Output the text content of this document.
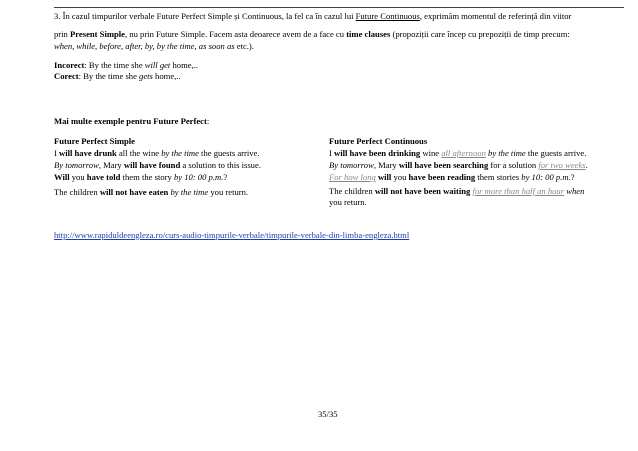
3. În cazul timpurilor verbale Future Perfect Simple și Continuous, la fel ca în cazul lui Future Continuous, exprimăm momentul de referință din viitor
prin Present Simple, nu prin Future Simple. Facem asta deoarece avem de a face cu time clauses (propoziții care încep cu prepoziții de timp precum:
when, while, before, after, by, by the time, as soon as etc.).
Incorect: By the time she will get home,..
Corect: By the time she gets home,..
Mai multe exemple pentru Future Perfect:
Future Perfect Simple
I will have drunk all the wine by the time the guests arrive.
By tomorrow, Mary will have found a solution to this issue.
Will you have told them the story by 10: 00 p.m.?
The children will not have eaten by the time you return.
Future Perfect Continuous
I will have been drinking wine all afternoon by the time the guests arrive.
By tomorrow, Mary will have been searching for a solution for two weeks.
For how long will you have been reading them stories by 10: 00 p.m.?
The children will not have been waiting for more than half an hour when
you return.
http://www.rapiduldeengleza.ro/curs-audio-timpurile-verbale/timpurile-verbale-din-limba-engleza.html
35/35
